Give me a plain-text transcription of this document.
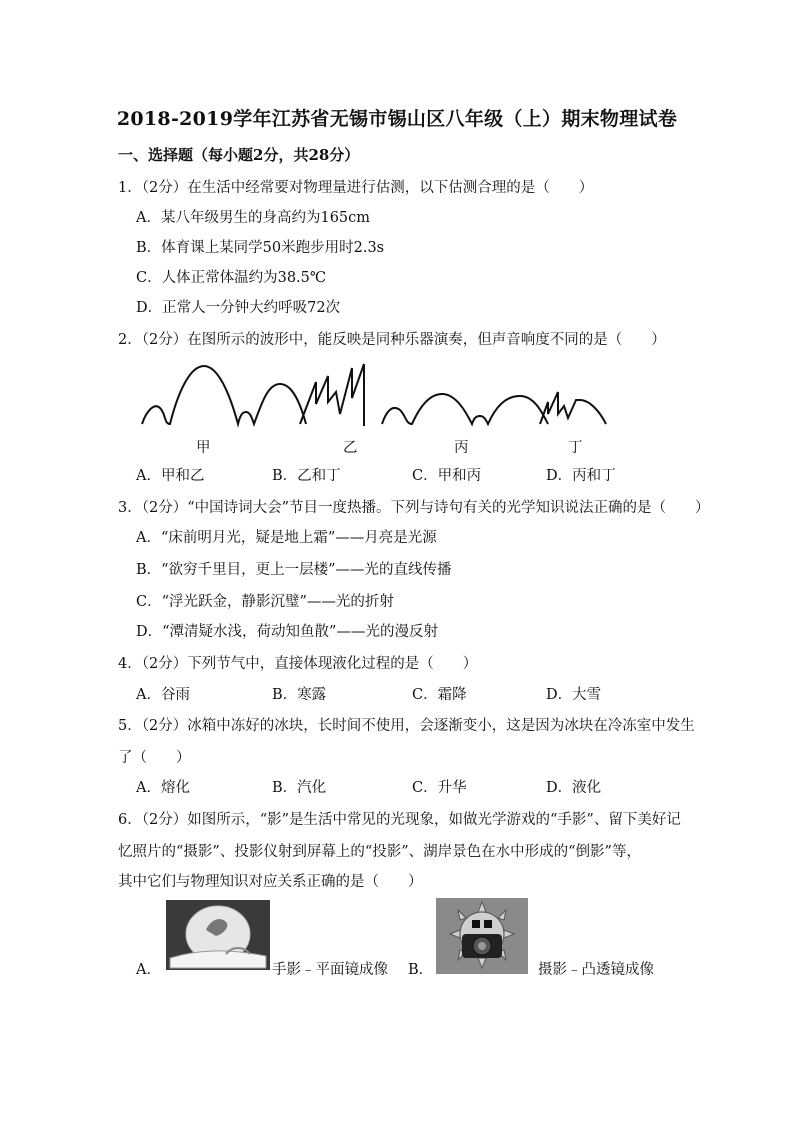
2018-2019学年江苏省无锡市锡山区八年级（上）期末物理试卷
一、选择题（每小题2分，共28分）
1．（2分）在生活中经常要对物理量进行估测，以下估测合理的是（　　）
A．某八年级男生的身高约为165cm
B．体育课上某同学50米跑步用时2.3s
C．人体正常体温约为38.5℃
D．正常人一分钟大约呼吸72次
2．（2分）在图所示的波形中，能反映是同种乐器演奏，但声音响度不同的是（　　）
甲	乙	丙	丁
A．甲和乙	B．乙和丁	C．甲和丙	D．丙和丁
3．（2分）“中国诗词大会”节目一度热播。下列与诗句有关的光学知识说法正确的是（　　）
A．“床前明月光，疑是地上霜”——月亮是光源
B．“欲穷千里目，更上一层楼”——光的直线传播
C．“浮光跃金，静影沉璧”——光的折射
D．“潭清疑水浅，荷动知鱼散”——光的漫反射
4．（2分）下列节气中，直接体现液化过程的是（　　）
A．谷雨	B．寒露	C．霜降	D．大雪
5．（2分）冰箱中冻好的冰块，长时间不使用，会逐渐变小，这是因为冰块在冷冻室中发生
了（　　）
A．熔化	B．汽化	C．升华	D．液化
6．（2分）如图所示，“影”是生活中常见的光现象，如做光学游戏的“手影”、留下美好记
忆照片的“摄影”、投影仪射到屏幕上的“投影”、湖岸景色在水中形成的“倒影”等，
其中它们与物理知识对应关系正确的是（　　）
A．	手影﹣平面镜成像 B．	摄影﹣凸透镜成像
